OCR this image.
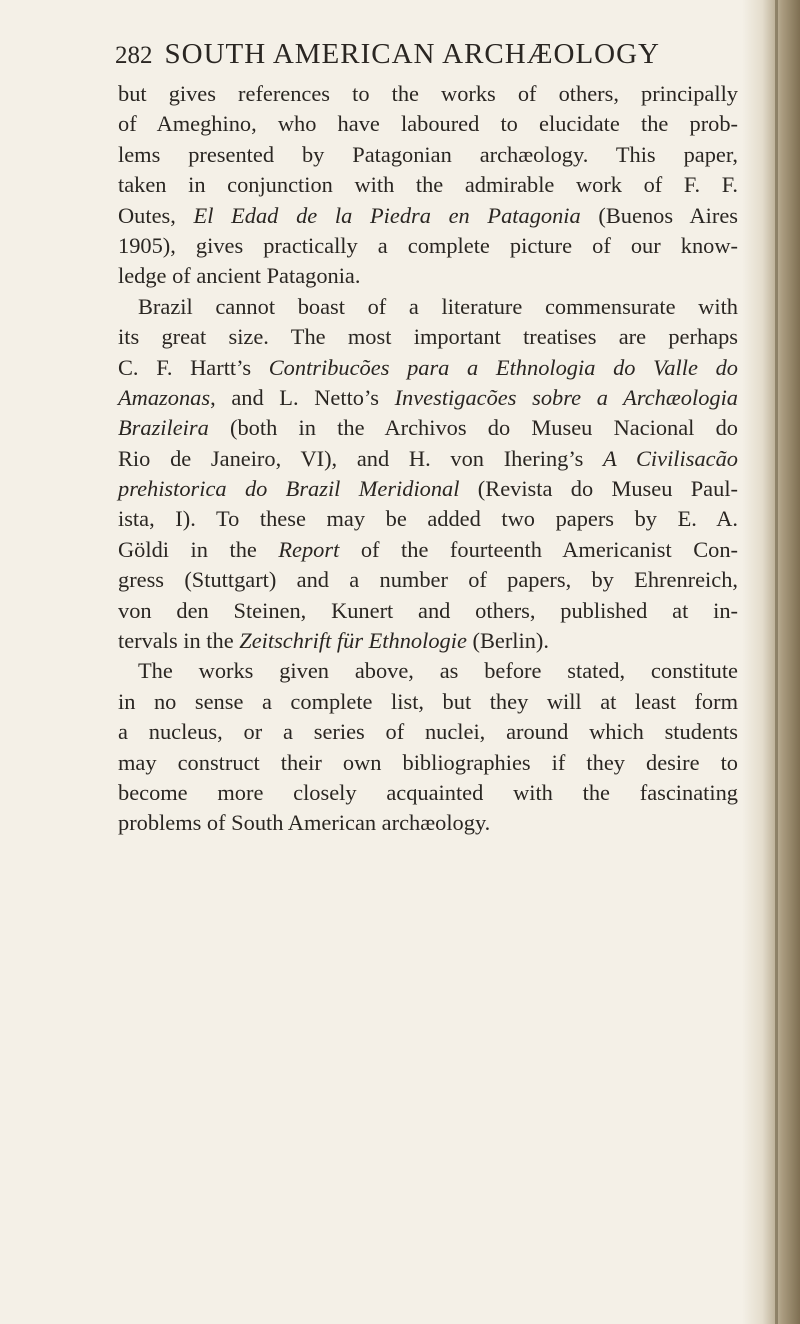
282 SOUTH AMERICAN ARCHÆOLOGY
but gives references to the works of others, principally
of Ameghino, who have laboured to elucidate the prob-
lems presented by Patagonian archæology. This paper,
taken in conjunction with the admirable work of F. F.
Outes, El Edad de la Piedra en Patagonia (Buenos Aires
1905), gives practically a complete picture of our know-
ledge of ancient Patagonia.
Brazil cannot boast of a literature commensurate with
its great size. The most important treatises are perhaps
C. F. Hartt’s Contribucões para a Ethnologia do Valle do
Amazonas, and L. Netto’s Investigacões sobre a Archæologia
Brazileira (both in the Archivos do Museu Nacional do
Rio de Janeiro, VI), and H. von Ihering’s A Civilisacão
prehistorica do Brazil Meridional (Revista do Museu Paul-
ista, I). To these may be added two papers by E. A.
Göldi in the Report of the fourteenth Americanist Con-
gress (Stuttgart) and a number of papers, by Ehrenreich,
von den Steinen, Kunert and others, published at in-
tervals in the Zeitschrift für Ethnologie (Berlin).
The works given above, as before stated, constitute
in no sense a complete list, but they will at least form
a nucleus, or a series of nuclei, around which students
may construct their own bibliographies if they desire to
become more closely acquainted with the fascinating
problems of South American archæology.
